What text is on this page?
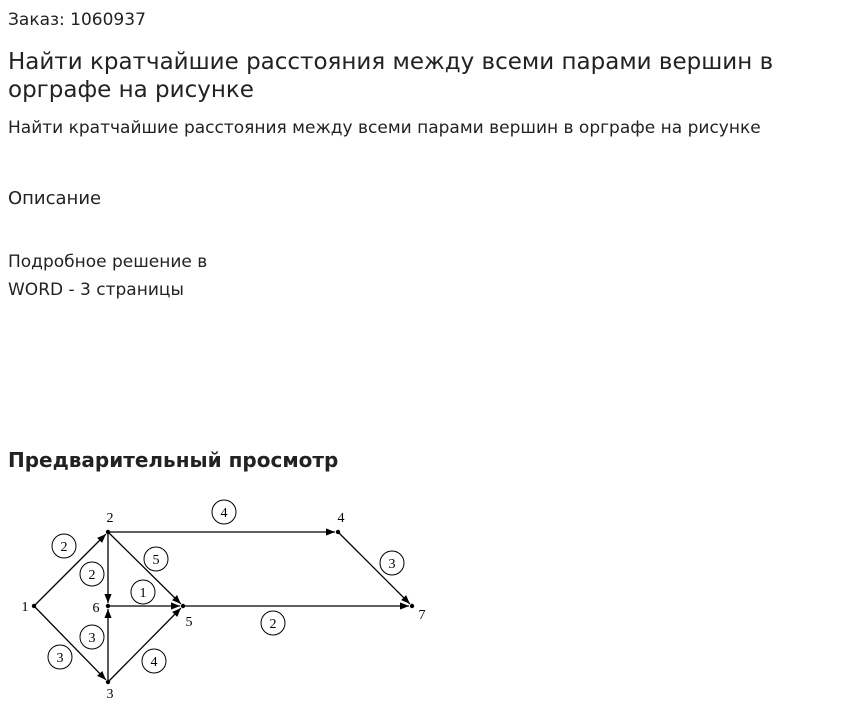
Заказ: 1060937

Найти кратчайшие расстояния между всеми парами вершин в орграфе на рисунке

Найти кратчайшие расстояния между всеми парами вершин в орграфе на рисунке

Описание

Подробное решение в
WORD - 3 страницы

Предварительный просмотр
2
3
4
5
2
3
4
1
3
2
1
2
3
4
5
6	7
